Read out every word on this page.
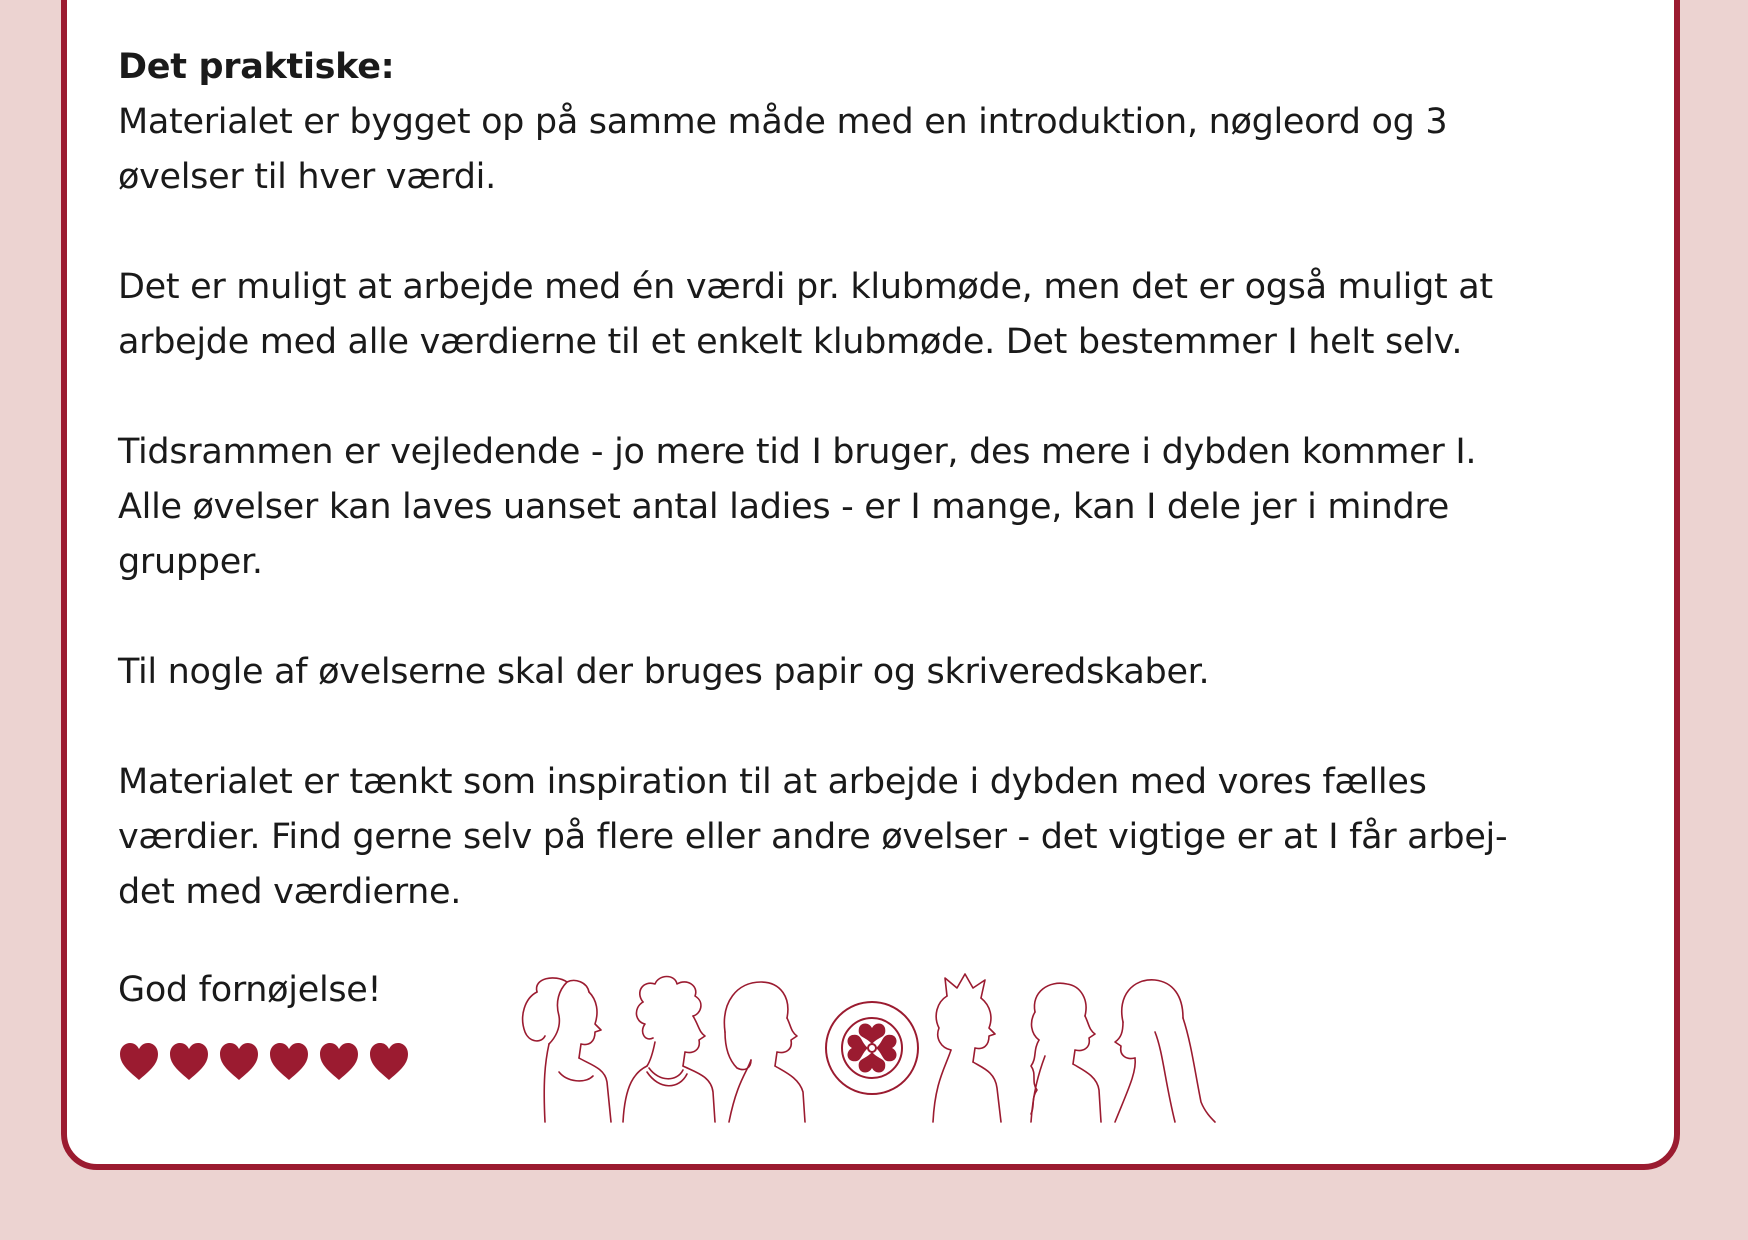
Det praktiske:

Materialet er bygget op på samme måde med en introduktion, nøgleord og 3
øvelser til hver værdi.

Det er muligt at arbejde med én værdi pr. klubmøde, men det er også muligt at
arbejde med alle værdierne til et enkelt klubmøde. Det bestemmer I helt selv.

Tidsrammen er vejledende - jo mere tid I bruger, des mere i dybden kommer I.
Alle øvelser kan laves uanset antal ladies - er I mange, kan I dele jer i mindre
grupper.

Til nogle af øvelserne skal der bruges papir og skriveredskaber.

Materialet er tænkt som inspiration til at arbejde i dybden med vores fælles
værdier. Find gerne selv på flere eller andre øvelser - det vigtige er at I får arbej-
det med værdierne.

God fornøjelse!
